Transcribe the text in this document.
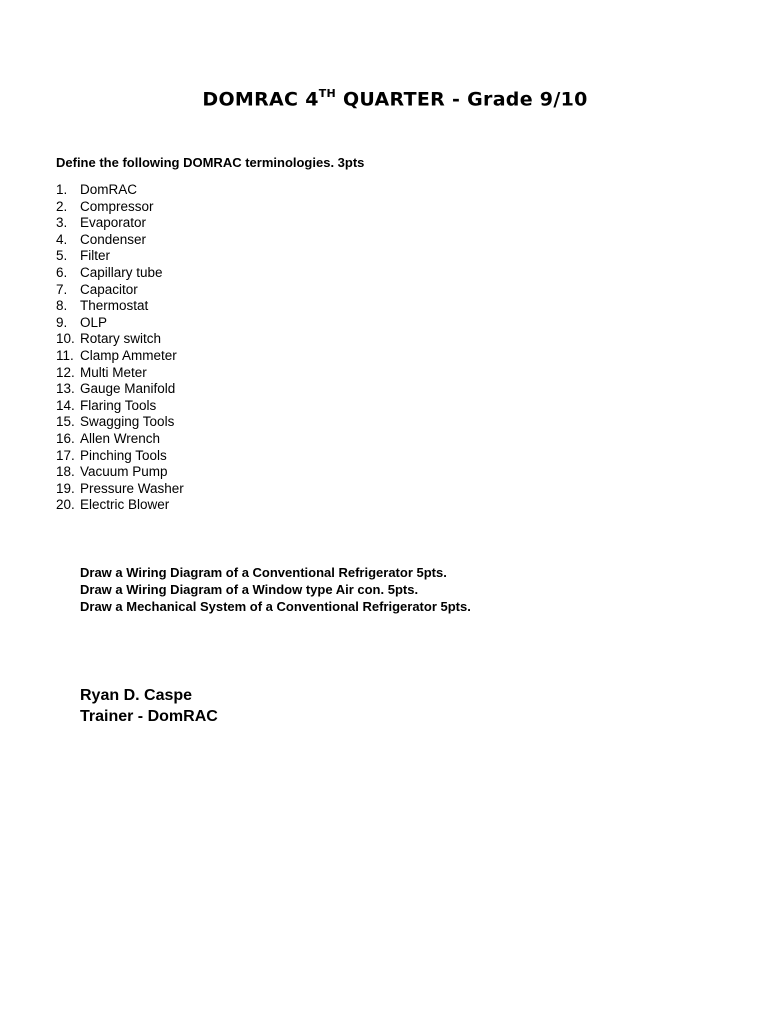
DOMRAC 4TH QUARTER - Grade 9/10
Define the following DOMRAC terminologies. 3pts
1. DomRAC
2. Compressor
3. Evaporator
4. Condenser
5. Filter
6. Capillary tube
7. Capacitor
8. Thermostat
9. OLP
10. Rotary switch
11. Clamp Ammeter
12. Multi Meter
13. Gauge Manifold
14. Flaring Tools
15. Swagging Tools
16. Allen Wrench
17. Pinching Tools
18. Vacuum Pump
19. Pressure Washer
20. Electric Blower
Draw a Wiring Diagram of a Conventional Refrigerator 5pts.
Draw a Wiring Diagram of a Window type Air con. 5pts.
Draw a Mechanical System of a Conventional Refrigerator 5pts.
Ryan D. Caspe
Trainer - DomRAC
